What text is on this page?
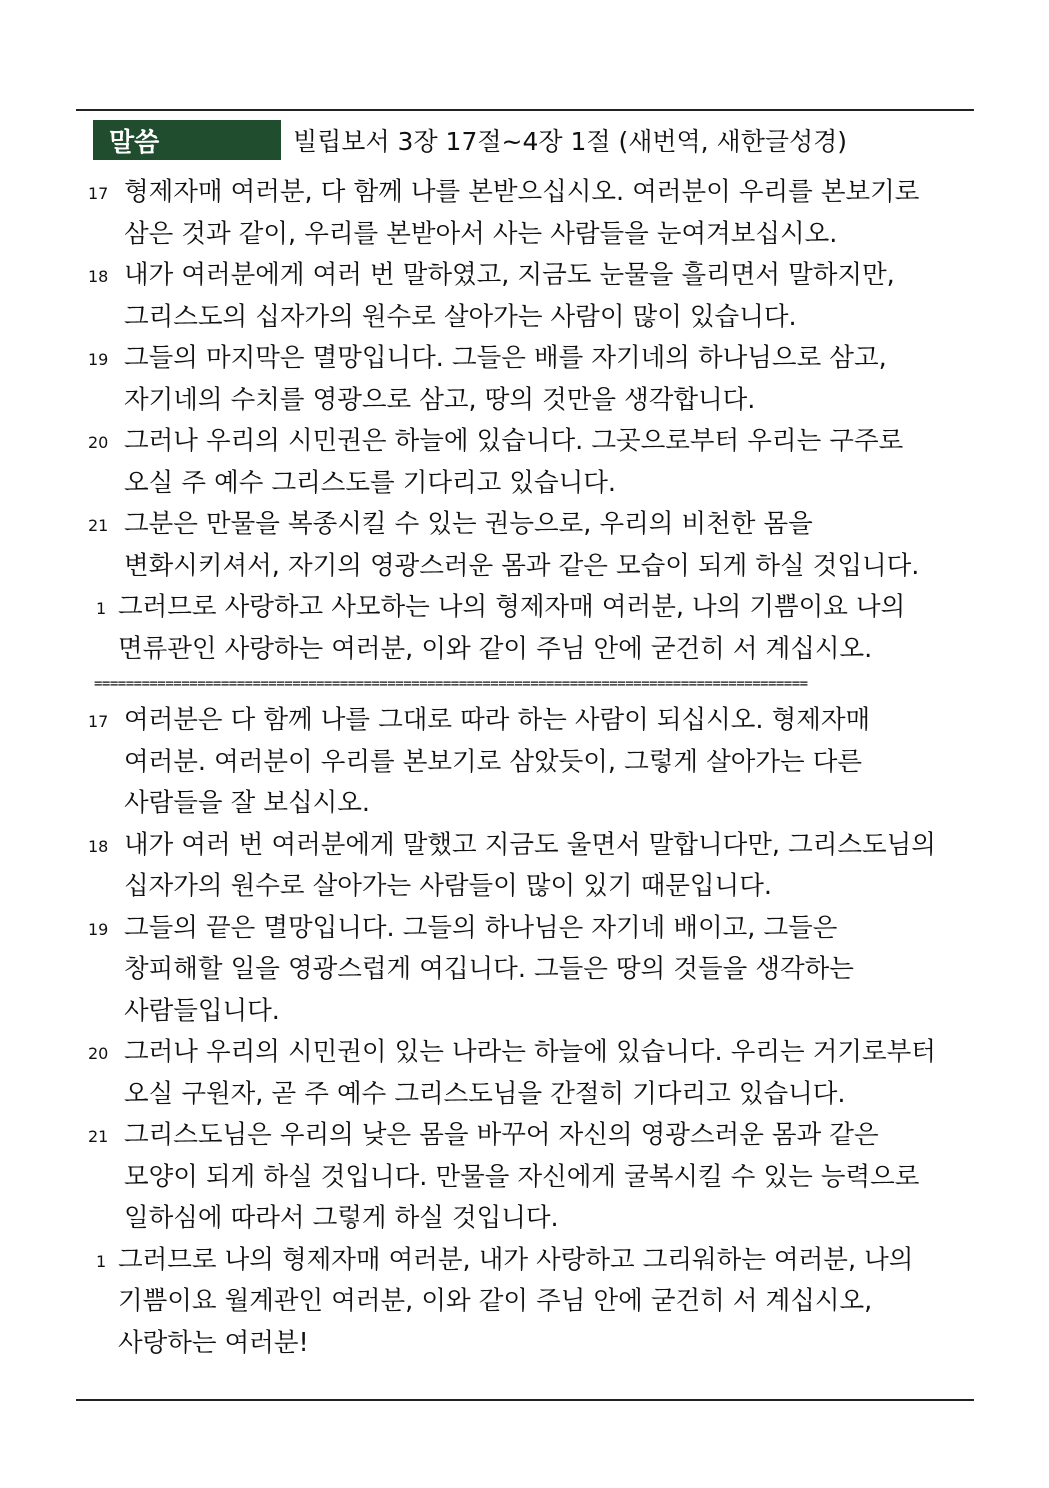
말씀	빌립보서 3장 17절~4장 1절 (새번역, 새한글성경)
17 형제자매 여러분, 다 함께 나를 본받으십시오. 여러분이 우리를 본보기로
삼은 것과 같이, 우리를 본받아서 사는 사람들을 눈여겨보십시오.
18 내가 여러분에게 여러 번 말하였고, 지금도 눈물을 흘리면서 말하지만,
그리스도의 십자가의 원수로 살아가는 사람이 많이 있습니다.
19 그들의 마지막은 멸망입니다. 그들은 배를 자기네의 하나님으로 삼고,
자기네의 수치를 영광으로 삼고, 땅의 것만을 생각합니다.
20 그러나 우리의 시민권은 하늘에 있습니다. 그곳으로부터 우리는 구주로
오실 주 예수 그리스도를 기다리고 있습니다.
21 그분은 만물을 복종시킬 수 있는 권능으로, 우리의 비천한 몸을
변화시키셔서, 자기의 영광스러운 몸과 같은 모습이 되게 하실 것입니다.
1 그러므로 사랑하고 사모하는 나의 형제자매 여러분, 나의 기쁨이요 나의
면류관인 사랑하는 여러분, 이와 같이 주님 안에 굳건히 서 계십시오.
==========================================================================================
17 여러분은 다 함께 나를 그대로 따라 하는 사람이 되십시오. 형제자매
여러분. 여러분이 우리를 본보기로 삼았듯이, 그렇게 살아가는 다른
사람들을 잘 보십시오.
18 내가 여러 번 여러분에게 말했고 지금도 울면서 말합니다만, 그리스도님의
십자가의 원수로 살아가는 사람들이 많이 있기 때문입니다.
19 그들의 끝은 멸망입니다. 그들의 하나님은 자기네 배이고, 그들은
창피해할 일을 영광스럽게 여깁니다. 그들은 땅의 것들을 생각하는
사람들입니다.
20 그러나 우리의 시민권이 있는 나라는 하늘에 있습니다. 우리는 거기로부터
오실 구원자, 곧 주 예수 그리스도님을 간절히 기다리고 있습니다.
21 그리스도님은 우리의 낮은 몸을 바꾸어 자신의 영광스러운 몸과 같은
모양이 되게 하실 것입니다. 만물을 자신에게 굴복시킬 수 있는 능력으로
일하심에 따라서 그렇게 하실 것입니다.
1 그러므로 나의 형제자매 여러분, 내가 사랑하고 그리워하는 여러분, 나의
기쁨이요 월계관인 여러분, 이와 같이 주님 안에 굳건히 서 계십시오,
사랑하는 여러분!
